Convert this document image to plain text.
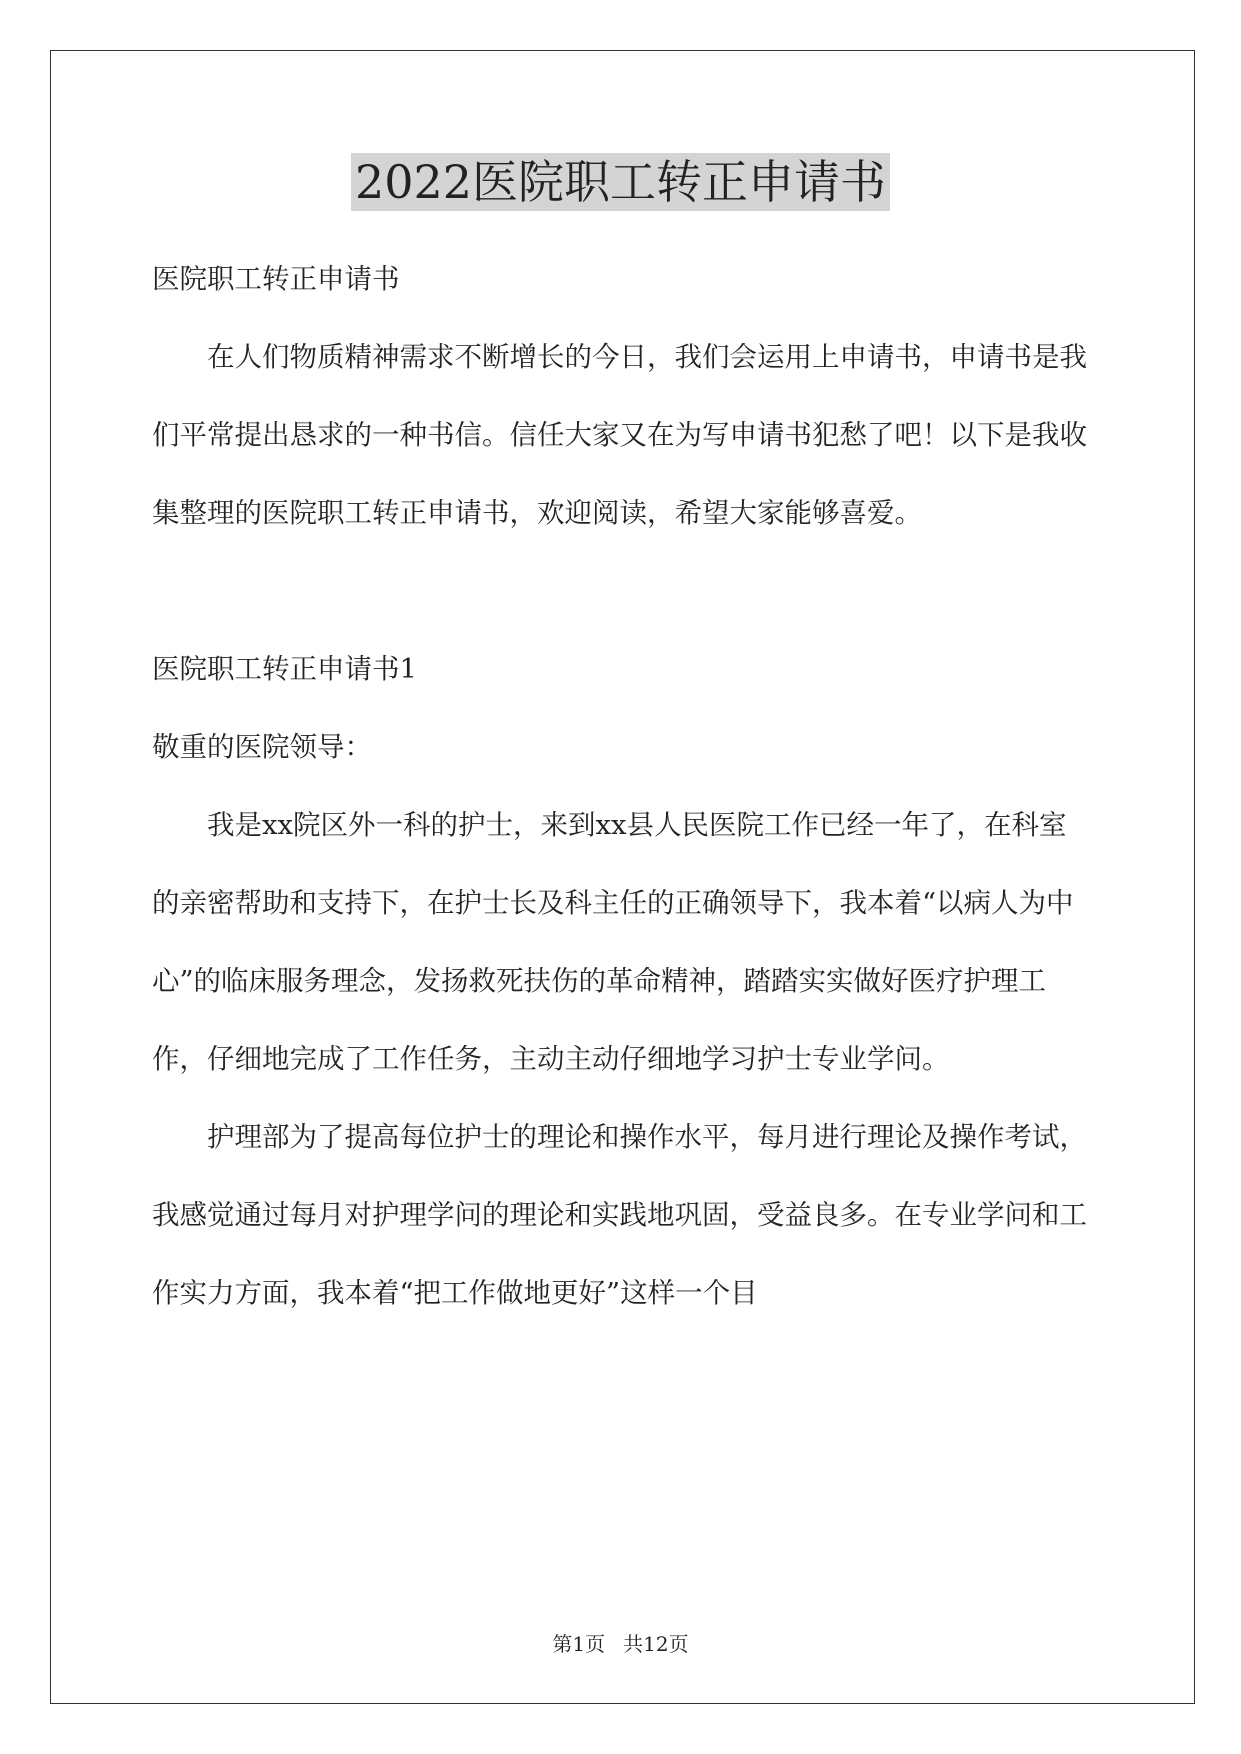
2022医院职工转正申请书

医院职工转正申请书

在人们物质精神需求不断增长的今日，我们会运用上申请书，申请书是我们平常提出恳求的一种书信。信任大家又在为写申请书犯愁了吧！以下是我收集整理的医院职工转正申请书，欢迎阅读，希望大家能够喜爱。

医院职工转正申请书1

敬重的医院领导：

我是xx院区外一科的护士，来到xx县人民医院工作已经一年了，在科室的亲密帮助和支持下，在护士长及科主任的正确领导下，我本着“以病人为中心”的临床服务理念，发扬救死扶伤的革命精神，踏踏实实做好医疗护理工作，仔细地完成了工作任务，主动主动仔细地学习护士专业学问。

护理部为了提高每位护士的理论和操作水平，每月进行理论及操作考试，我感觉通过每月对护理学问的理论和实践地巩固，受益良多。在专业学问和工作实力方面，我本着“把工作做地更好”这样一个目

第1页 共12页
